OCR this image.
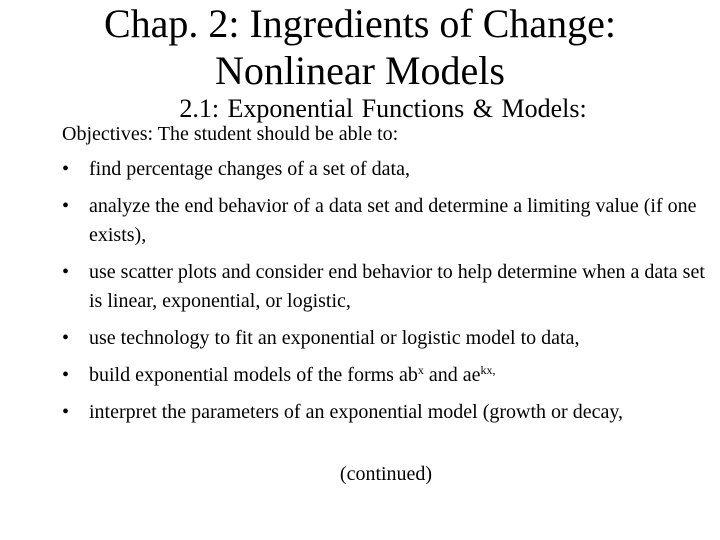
Chap. 2: Ingredients of Change:
Nonlinear Models
2.1: Exponential Functions & Models:
Objectives: The student should be able to:
• find percentage changes of a set of data,
• analyze the end behavior of a data set and determine a limiting value (if one exists),
• use scatter plots and consider end behavior to help determine when a data set is linear, exponential, or logistic,
• use technology to fit an exponential or logistic model to data,
• build exponential models of the forms $ab^x$ and $ae^{kx,}$
• interpret the parameters of an exponential model (growth or decay,
(continued)
